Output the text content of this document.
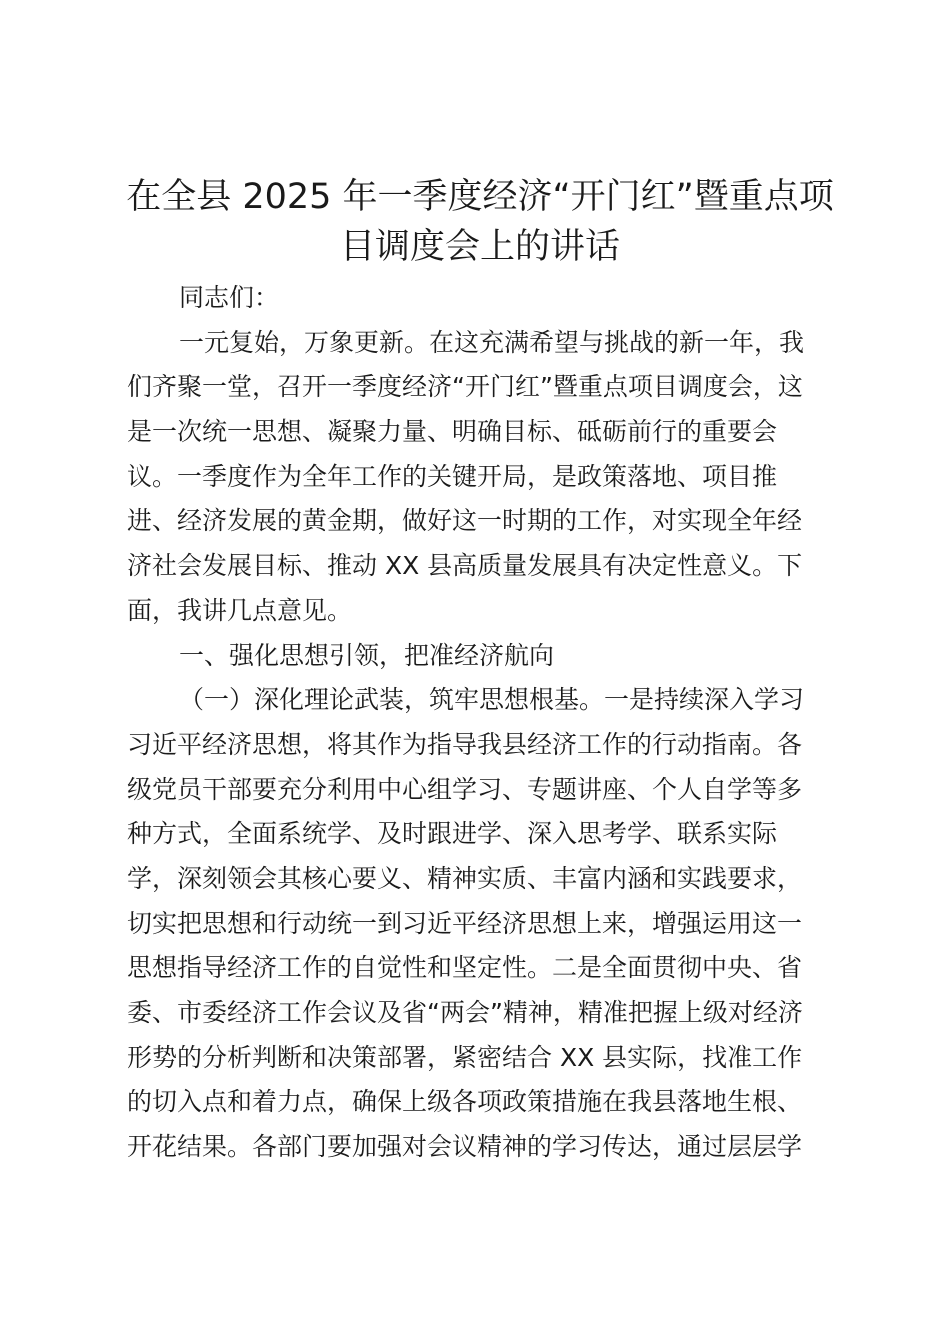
在全县 2025 年一季度经济“开门红”暨重点项
目调度会上的讲话
同志们：
一元复始，万象更新。在这充满希望与挑战的新一年，我
们齐聚一堂，召开一季度经济“开门红”暨重点项目调度会，这
是一次统一思想、凝聚力量、明确目标、砥砺前行的重要会
议。一季度作为全年工作的关键开局，是政策落地、项目推
进、经济发展的黄金期，做好这一时期的工作，对实现全年经
济社会发展目标、推动 XX 县高质量发展具有决定性意义。下
面，我讲几点意见。
一、强化思想引领，把准经济航向
（一）深化理论武装，筑牢思想根基。一是持续深入学习
习近平经济思想，将其作为指导我县经济工作的行动指南。各
级党员干部要充分利用中心组学习、专题讲座、个人自学等多
种方式，全面系统学、及时跟进学、深入思考学、联系实际
学，深刻领会其核心要义、精神实质、丰富内涵和实践要求，
切实把思想和行动统一到习近平经济思想上来，增强运用这一
思想指导经济工作的自觉性和坚定性。二是全面贯彻中央、省
委、市委经济工作会议及省“两会”精神，精准把握上级对经济
形势的分析判断和决策部署，紧密结合 XX 县实际，找准工作
的切入点和着力点，确保上级各项政策措施在我县落地生根、
开花结果。各部门要加强对会议精神的学习传达，通过层层学
